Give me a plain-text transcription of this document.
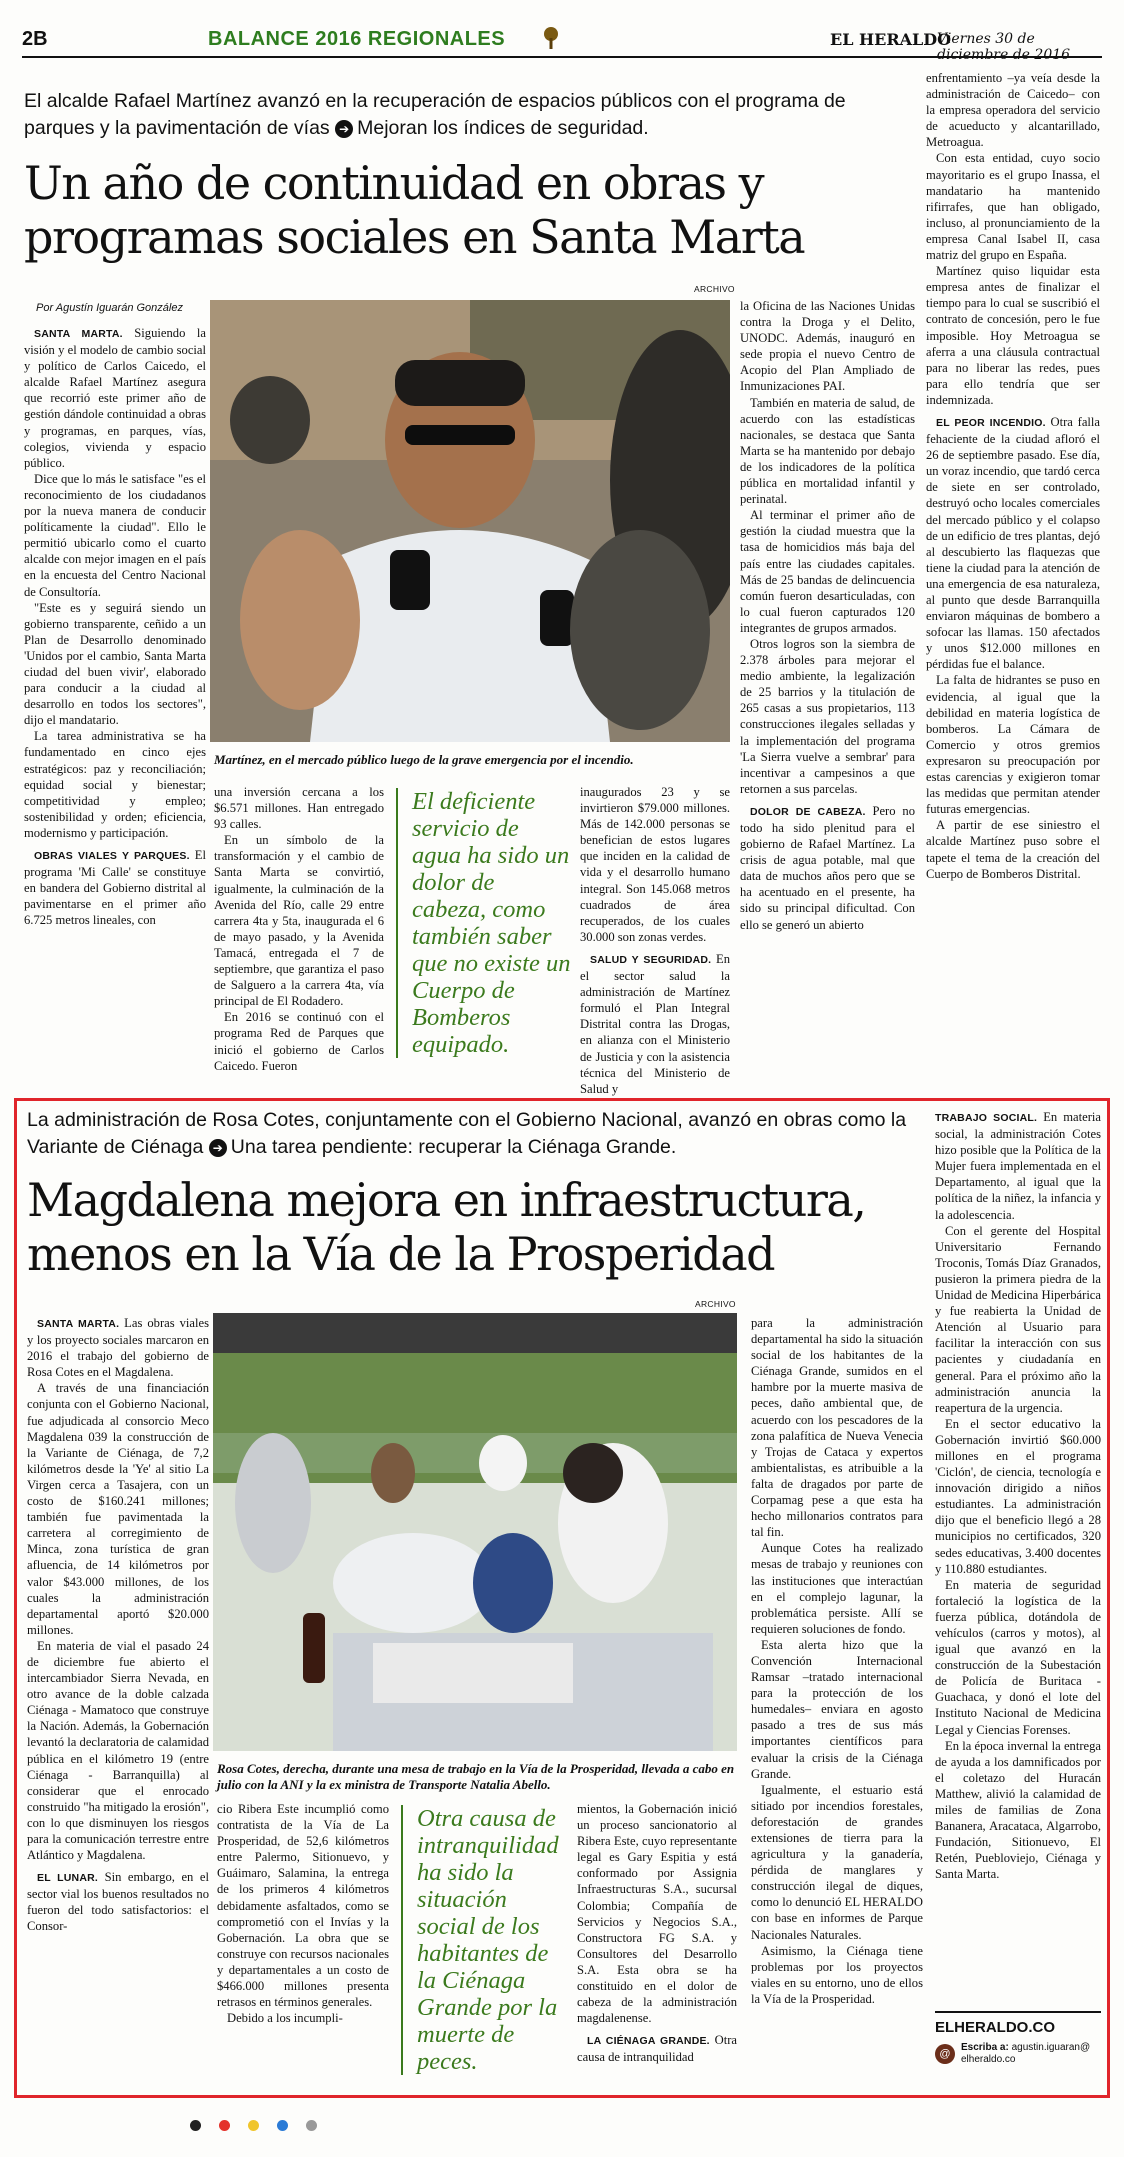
2B	BALANCE 2016 REGIONALES	EL HERALDO
Viernes 30 de diciembre de 2016
El alcalde Rafael Martínez avanzó en la recuperación de espacios públicos con el programa de parques y la pavimentación de vías ➔ Mejoran los índices de seguridad.
Un año de continuidad en obras y programas sociales en Santa Marta
Por Agustín Iguarán González
ARCHIVO

SANTA MARTA. Siguiendo la visión y el modelo de cambio social y político de Carlos Caicedo, el alcalde Rafael Martínez asegura que recorrió este primer año de gestión dándole continuidad a obras y programas, en parques, vías, colegios, vivienda y espacio público.

Dice que lo más le satisface "es el reconocimiento de los ciudadanos por la nueva manera de conducir políticamente la ciudad". Ello le permitió ubicarlo como el cuarto alcalde con mejor imagen en el país en la encuesta del Centro Nacional de Consultoría.

"Este es y seguirá siendo un gobierno transparente, ceñido a un Plan de Desarrollo denominado 'Unidos por el cambio, Santa Marta ciudad del buen vivir', elaborado para conducir a la ciudad al desarrollo en todos los sectores", dijo el mandatario.

La tarea administrativa se ha fundamentado en cinco ejes estratégicos: paz y reconciliación; equidad social y bienestar; competitividad y empleo; sostenibilidad y orden; eficiencia, modernismo y participación.

OBRAS VIALES Y PARQUES. El programa 'Mi Calle' se constituye en bandera del Gobierno distrital al pavimentarse en el primer año 6.725 metros lineales, con

Martínez, en el mercado público luego de la grave emergencia por el incendio.

una inversión cercana a los $6.571 millones. Han entregado 93 calles.

En un símbolo de la transformación y el cambio de Santa Marta se convirtió, igualmente, la culminación de la Avenida del Río, calle 29 entre carrera 4ta y 5ta, inaugurada el 6 de mayo pasado, y la Avenida Tamacá, entregada el 7 de septiembre, que garantiza el paso de Salguero a la carrera 4ta, vía principal de El Rodadero.

En 2016 se continuó con el programa Red de Parques que inició el gobierno de Carlos Caicedo. Fueron

El deficiente servicio de agua ha sido un dolor de cabeza, como también saber que no existe un Cuerpo de Bomberos equipado.

inaugurados 23 y se invirtieron $79.000 millones. Más de 142.000 personas se benefician de estos lugares que inciden en la calidad de vida y el desarrollo humano integral. Son 145.068 metros cuadrados de área recuperados, de los cuales 30.000 son zonas verdes.

SALUD Y SEGURIDAD. En el sector salud la administración de Martínez formuló el Plan Integral Distrital contra las Drogas, en alianza con el Ministerio de Justicia y con la asistencia técnica del Ministerio de Salud y

la Oficina de las Naciones Unidas contra la Droga y el Delito, UNODC. Además, inauguró en sede propia el nuevo Centro de Acopio del Plan Ampliado de Inmunizaciones PAI.

También en materia de salud, de acuerdo con las estadísticas nacionales, se destaca que Santa Marta se ha mantenido por debajo de los indicadores de la política pública en mortalidad infantil y perinatal.

Al terminar el primer año de gestión la ciudad muestra que la tasa de homicidios más baja del país entre las ciudades capitales. Más de 25 bandas de delincuencia común fueron desarticuladas, con lo cual fueron capturados 120 integrantes de grupos armados.

Otros logros son la siembra de 2.378 árboles para mejorar el medio ambiente, la legalización de 25 barrios y la titulación de 265 casas a sus propietarios, 113 construcciones ilegales selladas y la implementación del programa 'La Sierra vuelve a sembrar' para incentivar a campesinos a que retornen a sus parcelas.

DOLOR DE CABEZA. Pero no todo ha sido plenitud para el gobierno de Rafael Martínez. La crisis de agua potable, mal que data de muchos años pero que se ha acentuado en el presente, ha sido su principal dificultad. Con ello se generó un abierto

enfrentamiento –ya veía desde la administración de Caicedo– con la empresa operadora del servicio de acueducto y alcantarillado, Metroagua.

Con esta entidad, cuyo socio mayoritario es el grupo Inassa, el mandatario ha mantenido rifirrafes, que han obligado, incluso, al pronunciamiento de la empresa Canal Isabel II, casa matriz del grupo en España.

Martínez quiso liquidar esta empresa antes de finalizar el tiempo para lo cual se suscribió el contrato de concesión, pero le fue imposible. Hoy Metroagua se aferra a una cláusula contractual para no liberar las redes, pues para ello tendría que ser indemnizada.

EL PEOR INCENDIO. Otra falla fehaciente de la ciudad afloró el 26 de septiembre pasado. Ese día, un voraz incendio, que tardó cerca de siete en ser controlado, destruyó ocho locales comerciales del mercado público y el colapso de un edificio de tres plantas, dejó al descubierto las flaquezas que tiene la ciudad para la atención de una emergencia de esa naturaleza, al punto que desde Barranquilla enviaron máquinas de bombero a sofocar las llamas. 150 afectados y unos $12.000 millones en pérdidas fue el balance.

La falta de hidrantes se puso en evidencia, al igual que la debilidad en materia logística de bomberos. La Cámara de Comercio y otros gremios expresaron su preocupación por estas carencias y exigieron tomar las medidas que permitan atender futuras emergencias.

A partir de ese siniestro el alcalde Martínez puso sobre el tapete el tema de la creación del Cuerpo de Bomberos Distrital.

La administración de Rosa Cotes, conjuntamente con el Gobierno Nacional, avanzó en obras como la Variante de Ciénaga ➔ Una tarea pendiente: recuperar la Ciénaga Grande.
Magdalena mejora en infraestructura, menos en la Vía de la Prosperidad
ARCHIVO

SANTA MARTA. Las obras viales y los proyecto sociales marcaron en 2016 el trabajo del gobierno de Rosa Cotes en el Magdalena.

A través de una financiación conjunta con el Gobierno Nacional, fue adjudicada al consorcio Meco Magdalena 039 la construcción de la Variante de Ciénaga, de 7,2 kilómetros desde la 'Ye' al sitio La Virgen cerca a Tasajera, con un costo de $160.241 millones; también fue pavimentada la carretera al corregimiento de Minca, zona turística de gran afluencia, de 14 kilómetros por valor $43.000 millones, de los cuales la administración departamental aportó $20.000 millones.

En materia de vial el pasado 24 de diciembre fue abierto el intercambiador Sierra Nevada, en otro avance de la doble calzada Ciénaga - Mamatoco que construye la Nación. Además, la Gobernación levantó la declaratoria de calamidad pública en el kilómetro 19 (entre Ciénaga - Barranquilla) al considerar que el enrocado construido "ha mitigado la erosión", con lo que disminuyen los riesgos para la comunicación terrestre entre Atlántico y Magdalena.

EL LUNAR. Sin embargo, en el sector vial los buenos resultados no fueron del todo satisfactorios: el Consor-

Rosa Cotes, derecha, durante una mesa de trabajo en la Vía de la Prosperidad, llevada a cabo en julio con la ANI y la ex ministra de Transporte Natalia Abello.

cio Ribera Este incumplió como contratista de la Vía de La Prosperidad, de 52,6 kilómetros entre Palermo, Sitionuevo, y Guáimaro, Salamina, la entrega de los primeros 4 kilómetros debidamente asfaltados, como se comprometió con el Invías y la Gobernación. La obra que se construye con recursos nacionales y departamentales a un costo de $466.000 millones presenta retrasos en términos generales.

Debido a los incumpli-

Otra causa de intranquilidad ha sido la situación social de los habitantes de la Ciénaga Grande por la muerte de peces.

mientos, la Gobernación inició un proceso sancionatorio al Ribera Este, cuyo representante legal es Gary Espitia y está conformado por Assignia Infraestructuras S.A., sucursal Colombia; Compañía de Servicios y Negocios S.A., Constructora FG S.A. y Consultores del Desarrollo S.A. Esta obra se ha constituido en el dolor de cabeza de la administración magdalenense.

LA CIÉNAGA GRANDE. Otra causa de intranquilidad

para la administración departamental ha sido la situación social de los habitantes de la Ciénaga Grande, sumidos en el hambre por la muerte masiva de peces, daño ambiental que, de acuerdo con los pescadores de la zona palafítica de Nueva Venecia y Trojas de Cataca y expertos ambientalistas, es atribuible a la falta de dragados por parte de Corpamag pese a que esta ha hecho millonarios contratos para tal fin.

Aunque Cotes ha realizado mesas de trabajo y reuniones con las instituciones que interactúan en el complejo lagunar, la problemática persiste. Allí se requieren soluciones de fondo.

Esta alerta hizo que la Convención Internacional Ramsar –tratado internacional para la protección de los humedales– enviara en agosto pasado a tres de sus más importantes científicos para evaluar la crisis de la Ciénaga Grande.

Igualmente, el estuario está sitiado por incendios forestales, deforestación de grandes extensiones de tierra para la agricultura y la ganadería, pérdida de manglares y construcción ilegal de diques, como lo denunció EL HERALDO con base en informes de Parque Nacionales Naturales.

Asimismo, la Ciénaga tiene problemas por los proyectos viales en su entorno, uno de ellos la Vía de la Prosperidad.

TRABAJO SOCIAL. En materia social, la administración Cotes hizo posible que la Política de la Mujer fuera implementada en el Departamento, al igual que la política de la niñez, la infancia y la adolescencia.

Con el gerente del Hospital Universitario Fernando Troconis, Tomás Díaz Granados, pusieron la primera piedra de la Unidad de Medicina Hiperbárica y fue reabierta la Unidad de Atención al Usuario para facilitar la interacción con sus pacientes y ciudadanía en general. Para el próximo año la administración anuncia la reapertura de la urgencia.

En el sector educativo la Gobernación invirtió $60.000 millones en el programa 'Ciclón', de ciencia, tecnología e innovación dirigido a niños estudiantes. La administración dijo que el beneficio llegó a 28 municipios no certificados, 320 sedes educativas, 3.400 docentes y 110.880 estudiantes.

En materia de seguridad fortaleció la logística de la fuerza pública, dotándola de vehículos (carros y motos), al igual que avanzó en la construcción de la Subestación de Policía de Buritaca - Guachaca, y donó el lote del Instituto Nacional de Medicina Legal y Ciencias Forenses.

En la época invernal la entrega de ayuda a los damnificados por el coletazo del Huracán Matthew, alivió la calamidad de miles de familias de Zona Bananera, Aracataca, Algarrobo, Fundación, Sitionuevo, El Retén, Puebloviejo, Ciénaga y Santa Marta.

ELHERALDO.CO
@
Escriba a: agustin.iguaran@ elheraldo.co
